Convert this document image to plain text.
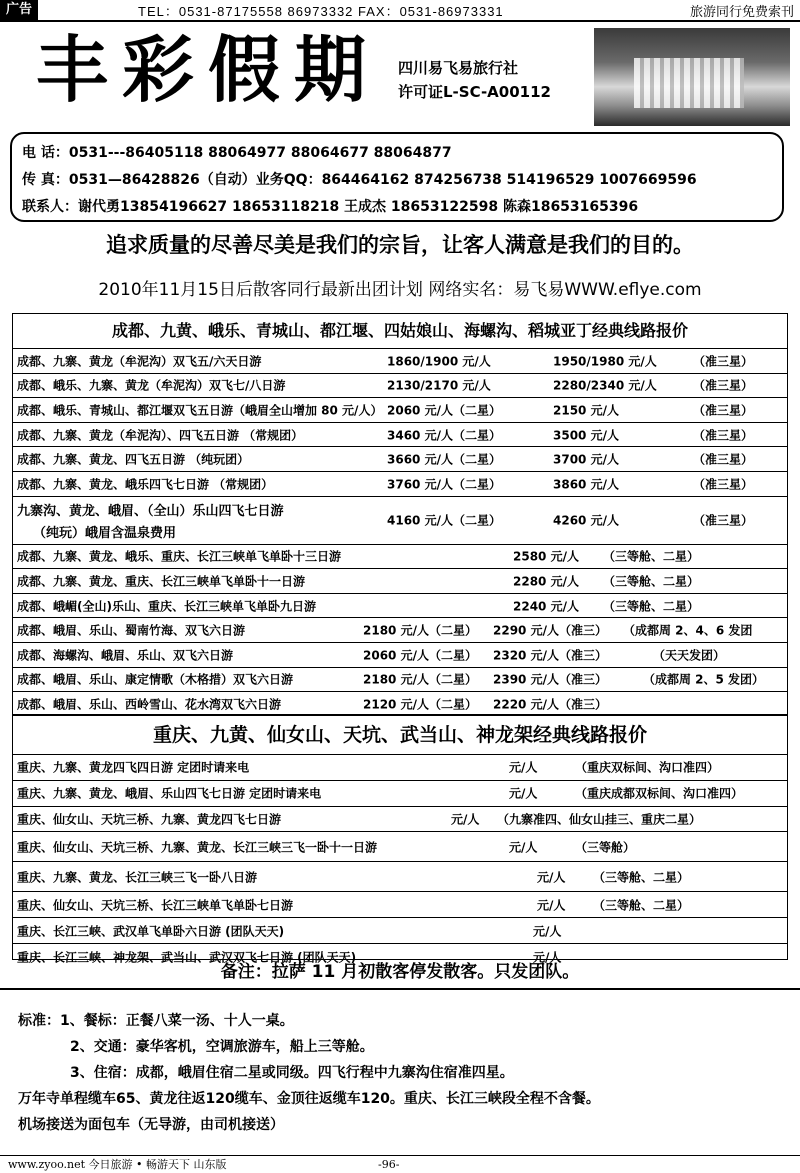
广告	TEL：0531-87175558 86973332 FAX：0531-86973331	旅游同行免费索刊
丰彩假期 四川易飞易旅行社
许可证L-SC-A00112
电 话：0531-‐‐86405118 88064977 88064677 88064877
传 真：0531—86428826（自动）业务QQ：864464162 874256738 514196529 1007669596
联系人：谢代勇13854196627 18653118218 王成杰 18653122598 陈森18653165396
追求质量的尽善尽美是我们的宗旨，让客人满意是我们的目的。
2010年11月15日后散客同行最新出团计划 网络实名：易飞易WWW.eflye.com
成都、九黄、峨乐、青城山、都江堰、四姑娘山、海螺沟、稻城亚丁经典线路报价
成都、九寨、黄龙（牟泥沟）双飞五/六天日游	1860/1900 元/人	1950/1980 元/人	（准三星）
成都、峨乐、九寨、黄龙（牟泥沟）双飞七/八日游	2130/2170 元/人	2280/2340 元/人	（准三星）
成都、峨乐、青城山、都江堰双飞五日游（峨眉全山增加 80 元/人） 2060 元/人（二星）	2150 元/人	（准三星）
成都、九寨、黄龙（牟泥沟）、四飞五日游 （常规团）	3460 元/人（二星）	3500 元/人	（准三星）
成都、九寨、黄龙、四飞五日游 （纯玩团）	3660 元/人（二星）	3700 元/人	（准三星）
成都、九寨、黄龙、峨乐四飞七日游 （常规团）	3760 元/人（二星）	3860 元/人	（准三星）
九寨沟、黄龙、峨眉、（全山）乐山四飞七日游
（纯玩）峨眉含温泉费用
4160 元/人（二星）	4260 元/人	（准三星）
成都、九寨、黄龙、峨乐、重庆、长江三峡单飞单卧十三日游	2580 元/人 （三等舱、二星）
成都、九寨、黄龙、重庆、长江三峡单飞单卧十一日游	2280 元/人 （三等舱、二星）
成都、峨嵋(全山)乐山、重庆、长江三峡单飞单卧九日游	2240 元/人 （三等舱、二星）
成都、峨眉、乐山、蜀南竹海、双飞六日游	2180 元/人（二星） 2290 元/人（准三） （成都周 2、4、6 发团
成都、海螺沟、峨眉、乐山、双飞六日游	2060 元/人（二星） 2320 元/人（准三）	（天天发团）
成都、峨眉、乐山、康定情歌（木格措）双飞六日游	2180 元/人（二星） 2390 元/人（准三）	（成都周 2、5 发团）
成都、峨眉、乐山、西岭雪山、花水湾双飞六日游	2120 元/人（二星） 2220 元/人（准三）
重庆、九黄、仙女山、天坑、武当山、神龙架经典线路报价
重庆、九寨、黄龙四飞四日游 定团时请来电	元/人	（重庆双标间、沟口准四）
重庆、九寨、黄龙、峨眉、乐山四飞七日游 定团时请来电	元/人	（重庆成都双标间、沟口准四）
重庆、仙女山、天坑三桥、九寨、黄龙四飞七日游	元/人 （九寨准四、仙女山挂三、重庆二星）
重庆、仙女山、天坑三桥、九寨、黄龙、长江三峡三飞一卧十一日游	元/人	（三等舱）
重庆、九寨、黄龙、长江三峡三飞一卧八日游	元/人 （三等舱、二星）
重庆、仙女山、天坑三桥、长江三峡单飞单卧七日游	元/人 （三等舱、二星）
重庆、长江三峡、武汉单飞单卧六日游 (团队天天)	元/人
重庆、长江三峡、神龙架、武当山、武汉双飞七日游 (团队天天)	元/人
备注：拉萨 11 月初散客停发散客。只发团队。
标准：1、餐标：正餐八菜一汤、十人一桌。
2、交通：豪华客机，空调旅游车，船上三等舱。
3、住宿：成都，峨眉住宿二星或同级。四飞行程中九寨沟住宿准四星。
万年寺单程缆车65、黄龙往返120缆车、金顶往返缆车120。重庆、长江三峡段全程不含餐。
机场接送为面包车（无导游，由司机接送）
www.zyoo.net 今日旅游 • 畅游天下 山东版	-96-
